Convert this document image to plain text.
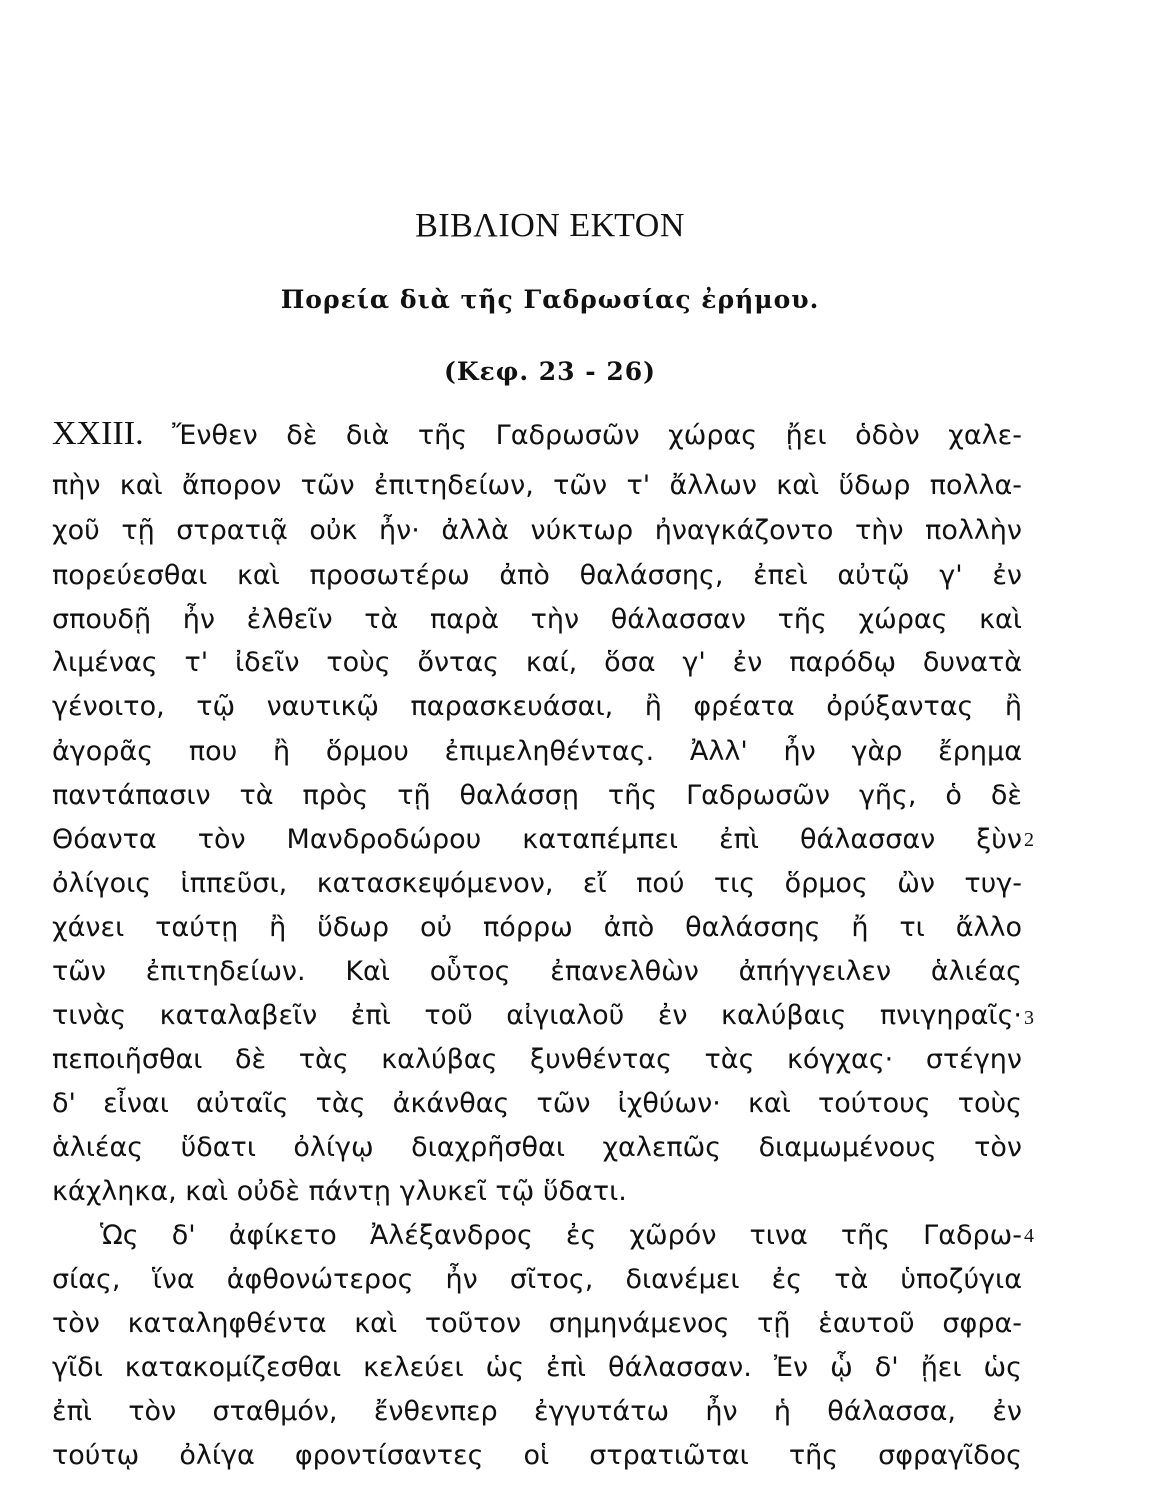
ΒΙΒΛΙΟΝ ΕΚΤΟΝ
Πορεία διὰ τῆς Γαδρωσίας ἐρήμου.
(Κεφ. 23 - 26)
XXIII. Ἔνθεν δὲ διὰ τῆς Γαδρωσῶν χώρας ᾔει ὁδὸν χαλε-
πὴν καὶ ἄπορον τῶν ἐπιτηδείων, τῶν τ' ἄλλων καὶ ὕδωρ πολλα-
χοῦ τῇ στρατιᾷ οὐκ ἦν· ἀλλὰ νύκτωρ ἠναγκάζοντο τὴν πολλὴν
πορεύεσθαι καὶ προσωτέρω ἀπὸ θαλάσσης, ἐπεὶ αὐτῷ γ' ἐν
σπουδῇ ἦν ἐλθεῖν τὰ παρὰ τὴν θάλασσαν τῆς χώρας καὶ
λιμένας τ' ἰδεῖν τοὺς ὄντας καί, ὅσα γ' ἐν παρόδῳ δυνατὰ
γένοιτο, τῷ ναυτικῷ παρασκευάσαι, ἢ φρέατα ὀρύξαντας ἢ
ἀγορᾶς που ἢ ὅρμου ἐπιμεληθέντας. Ἀλλ' ἦν γὰρ ἔρημα
παντάπασιν τὰ πρὸς τῇ θαλάσσῃ τῆς Γαδρωσῶν γῆς, ὁ δὲ
Θόαντα τὸν Μανδροδώρου καταπέμπει ἐπὶ θάλασσαν ξὺν
ὀλίγοις ἱππεῦσι, κατασκεψόμενον, εἴ πού τις ὅρμος ὢν τυγ-
χάνει ταύτῃ ἢ ὕδωρ οὐ πόρρω ἀπὸ θαλάσσης ἤ τι ἄλλο
τῶν ἐπιτηδείων. Καὶ οὗτος ἐπανελθὼν ἀπήγγειλεν ἁλιέας
τινὰς καταλαβεῖν ἐπὶ τοῦ αἰγιαλοῦ ἐν καλύβαις πνιγηραῖς·
πεποιῆσθαι δὲ τὰς καλύβας ξυνθέντας τὰς κόγχας· στέγην
δ' εἶναι αὐταῖς τὰς ἀκάνθας τῶν ἰχθύων· καὶ τούτους τοὺς
ἁλιέας ὕδατι ὀλίγῳ διαχρῆσθαι χαλεπῶς διαμωμένους τὸν
κάχληκα, καὶ οὐδὲ πάντῃ γλυκεῖ τῷ ὕδατι.
Ὡς δ' ἀφίκετο Ἀλέξανδρος ἐς χῶρόν τινα τῆς Γαδρω-
σίας, ἵνα ἀφθονώτερος ἦν σῖτος, διανέμει ἐς τὰ ὑποζύγια
τὸν καταληφθέντα καὶ τοῦτον σημηνάμενος τῇ ἑαυτοῦ σφρα-
γῖδι κατακομίζεσθαι κελεύει ὡς ἐπὶ θάλασσαν. Ἐν ᾧ δ' ᾔει ὡς
ἐπὶ τὸν σταθμόν, ἔνθενπερ ἐγγυτάτω ἦν ἡ θάλασσα, ἐν
τούτῳ ὀλίγα φροντίσαντες οἱ στρατιῶται τῆς σφραγῖδος
2
3
4
